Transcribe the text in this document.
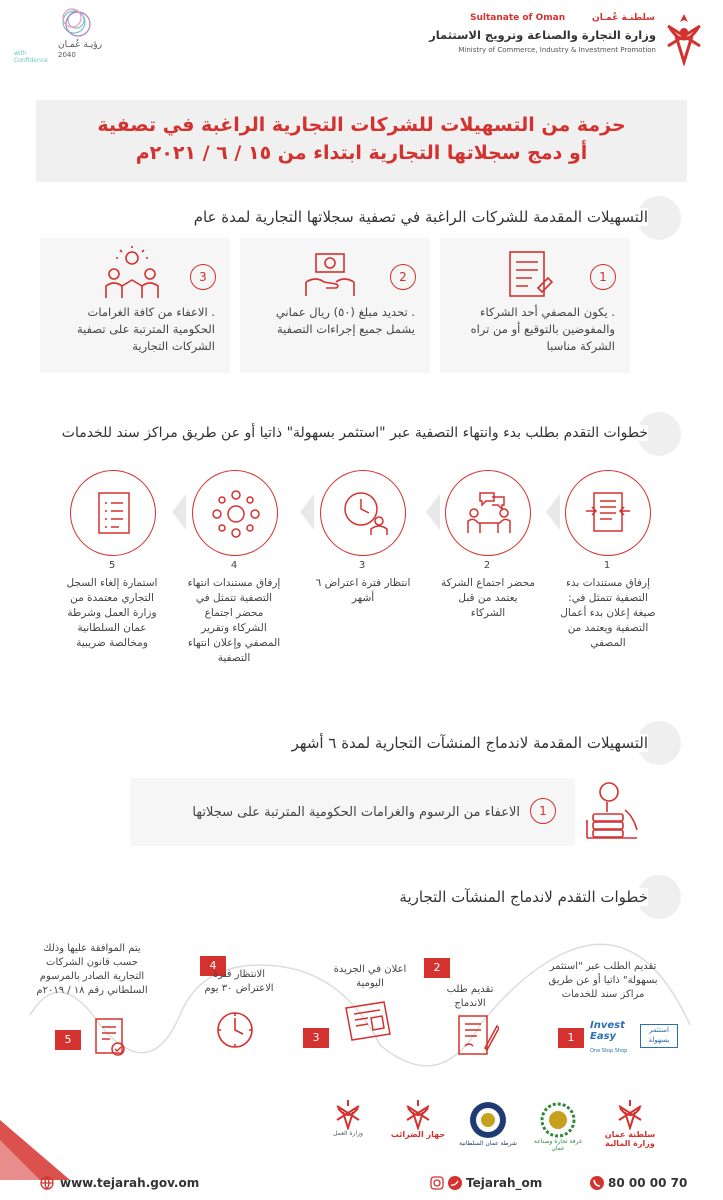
Sultanate of Oman	سلطنـة عُمـان
وزارة التجارة والصناعة وترويج الاستثمار
Ministry of Commerce, Industry & Investment Promotion
رؤيـة عُمـان 2040
with Confidence
حزمة من التسهيلات للشركات التجارية الراغبة في تصفية
أو دمج سجلاتها التجارية ابتداء من ١٥ / ٦ / ٢٠٢١م
التسهيلات المقدمة للشركات الراغبة في تصفية سجلاتها التجارية لمدة عام
1
. يكون المصفي أحد الشركاء والمفوضين بالتوقيع أو من تراه الشركة مناسبا
2
. تحديد مبلغ (٥٠) ريال عماني يشمل جميع إجراءات التصفية
3
. الاعفاء من كافة الغرامات الحكومية المترتبة على تصفية الشركات التجارية
خطوات التقدم بطلب بدء وانتهاء التصفية عبر "استثمر بسهولة" ذاتيا أو عن طريق مراكز سند للخدمات
1
إرفاق مستندات بدء التصفية تتمثل في: صيغة إعلان بدء أعمال التصفية ويعتمد من المصفي
2
محضر اجتماع الشركة يعتمد من قبل الشركاء
3
انتظار فترة اعتراض ٦ أشهر
4
إرفاق مستندات انتهاء التصفية تتمثل في محضر اجتماع الشركاء وتقرير المصفي وإعلان انتهاء التصفية
5
استمارة إلغاء السجل التجاري معتمدة من وزارة العمل وشرطة عمان السلطانية ومخالصة ضريبية
التسهيلات المقدمة لاندماج المنشآت التجارية لمدة ٦ أشهر
1
الاعفاء من الرسوم والغرامات الحكومية المترتبة على سجلاتها
خطوات التقدم لاندماج المنشآت التجارية
تقديم الطلب عبر "استثمر بسهولة" ذاتيا أو عن طريق مراكز سند للخدمات
Invest Easy
استثمر بسهولة
One Stop Shop
1
2
تقديم طلب الاندماج
اعلان في الجريدة اليومية
3
4
الانتظار فترة الاعتراض ٣٠ يوم
يتم الموافقة عليها وذلك حسب قانون الشركات التجارية الصادر بالمرسوم السلطاني رقم ١٨ / ٢٠١٩م
5
سلطنة عمان وزارة المالية
غرفة تجارة وصناعة عمان
شرطة عمان السلطانية
جهاز الضرائب
وزارة العمل
www.tejarah.gov.om	Tejarah_om	80 00 00 70
